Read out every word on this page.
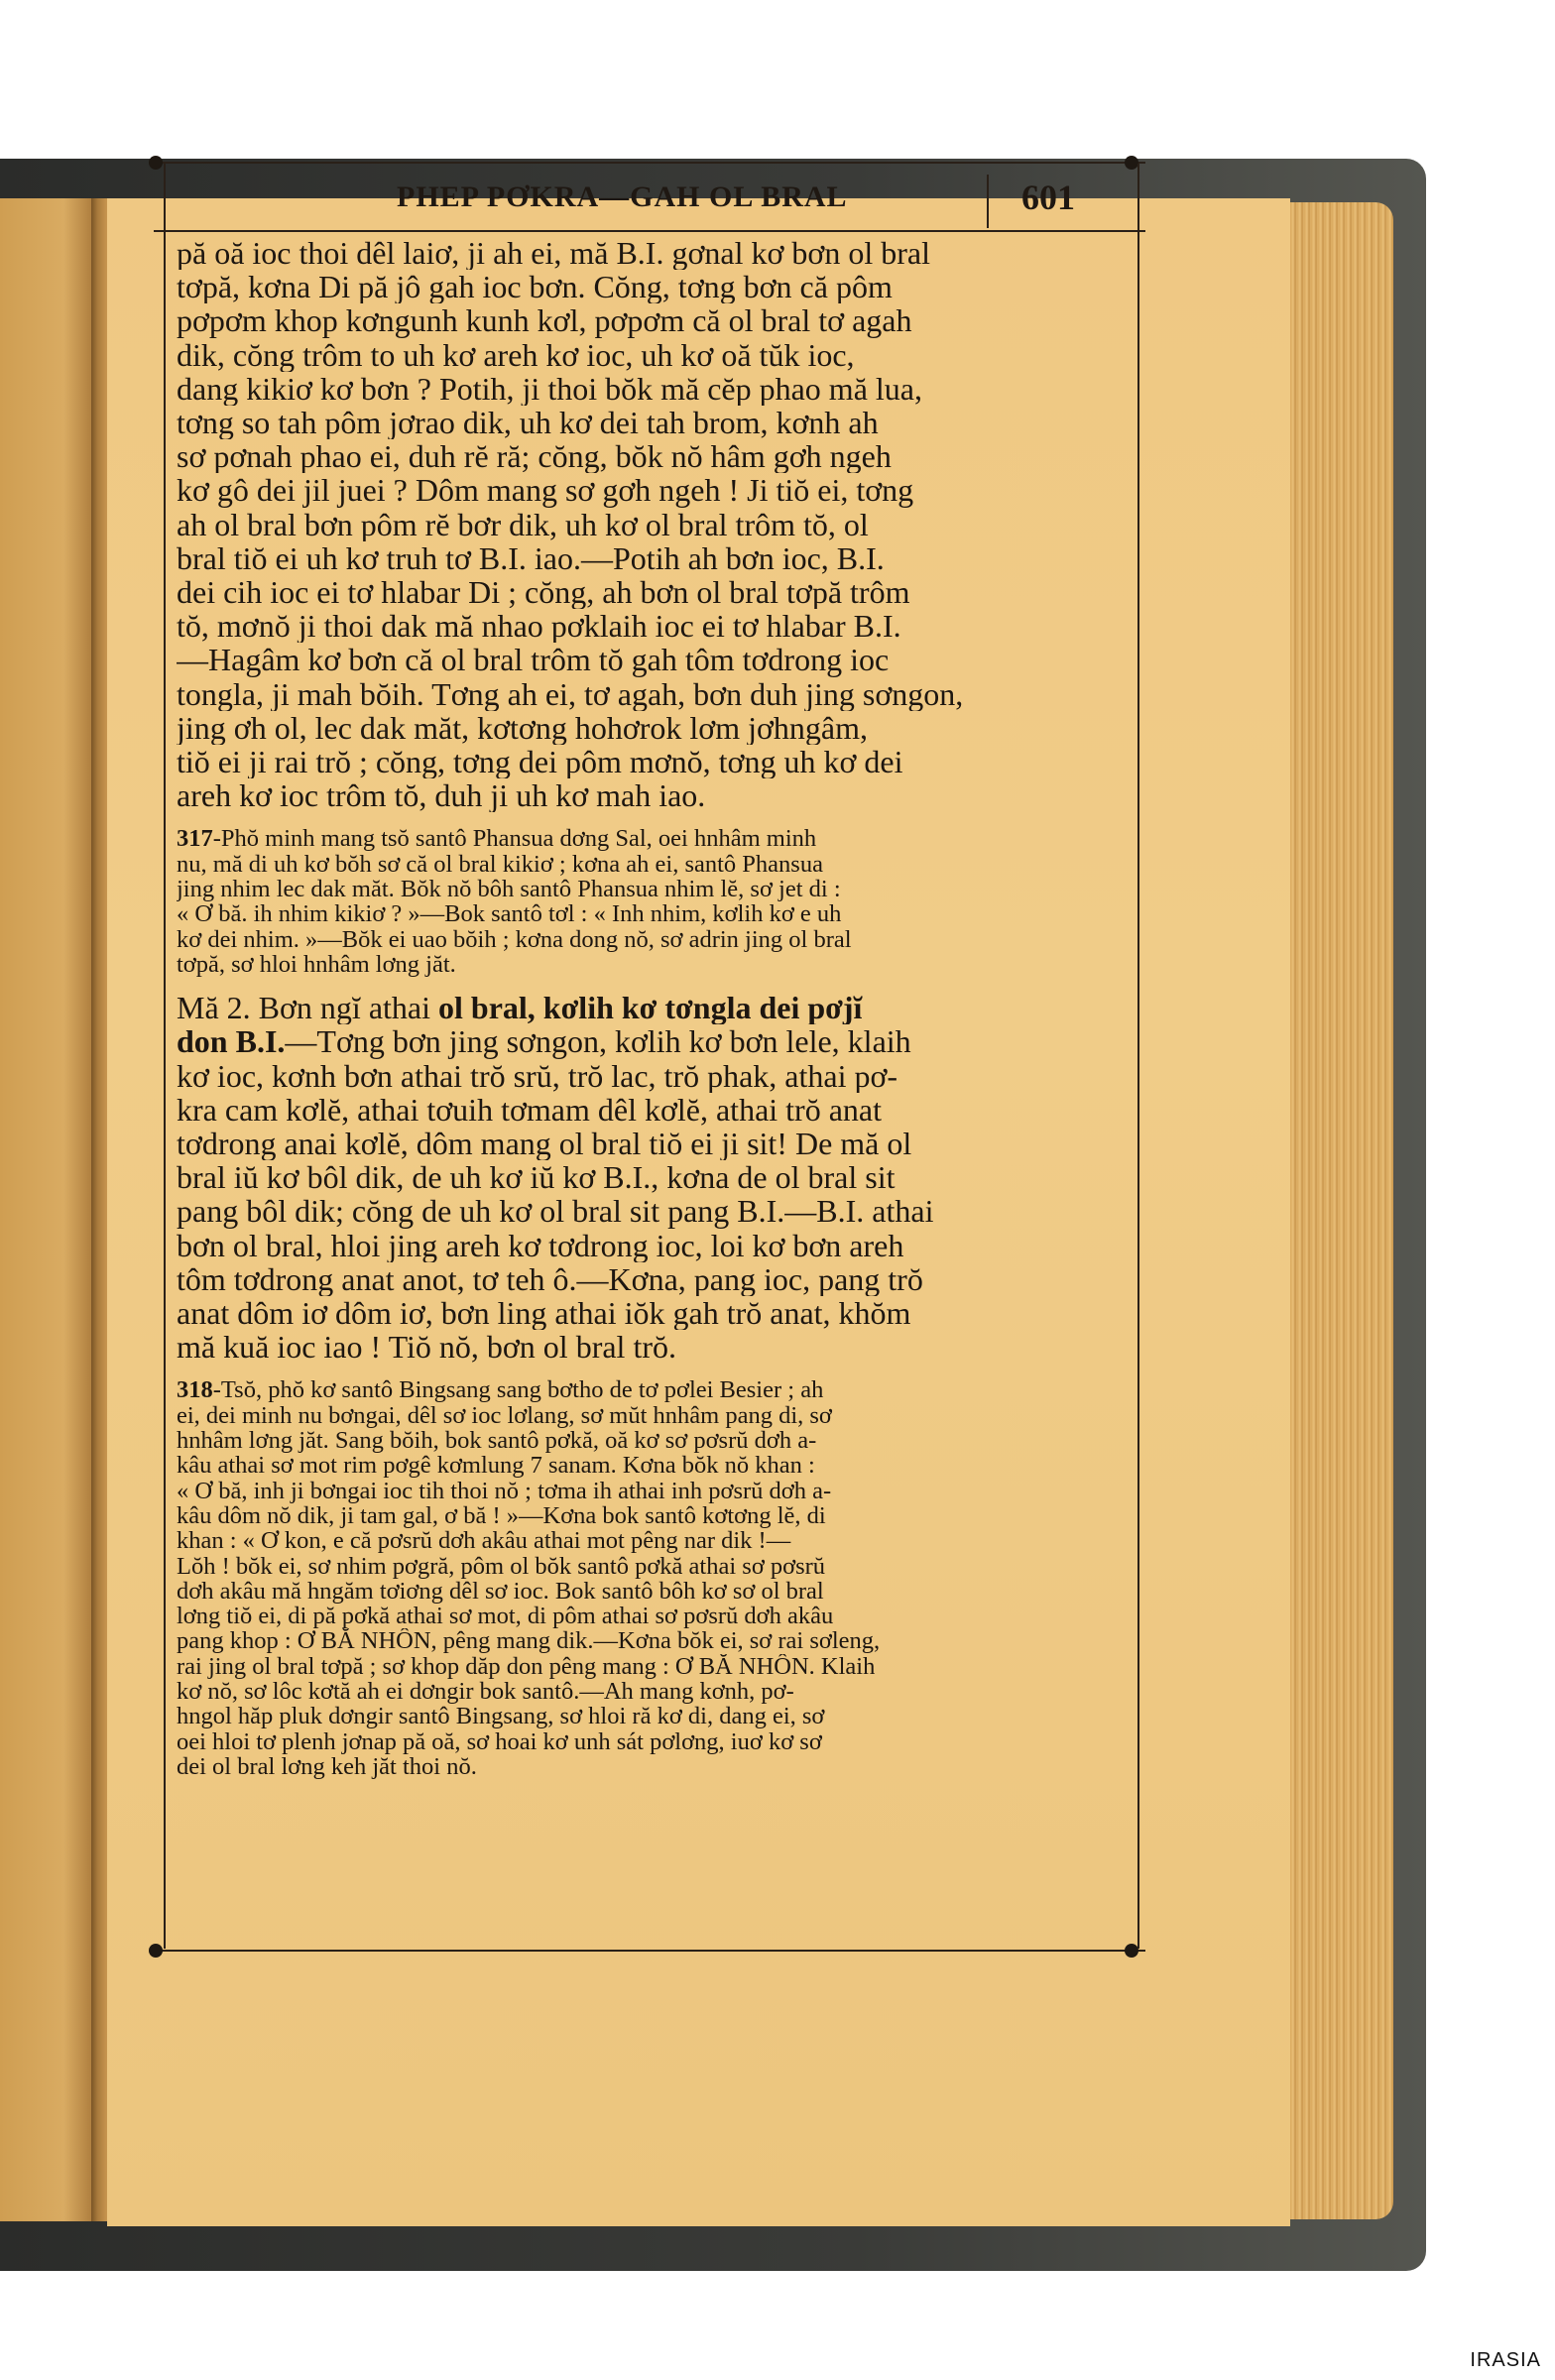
PHEP PƠKRA—GAH OL BRAL	601

pă oă ioc thoi dêl laiơ, ji ah ei, mă B.I. gơnal kơ bơn ol bral

tơpă, kơna Di pă jô gah ioc bơn. Cŏng, tơng bơn că pôm

pơpơm khop kơngunh kunh kơl, pơpơm că ol bral tơ agah

dik, cŏng trôm to uh kơ areh kơ ioc, uh kơ oă tŭk ioc,

dang kikiơ kơ bơn ? Potih, ji thoi bŏk mă cĕp phao mă lua,

tơng so tah pôm jơrao dik, uh kơ dei tah brom, kơnh ah

sơ pơnah phao ei, duh rĕ ră; cŏng, bŏk nŏ hâm gơh ngeh

kơ gô dei jil juei ? Dôm mang sơ gơh ngeh ! Ji tiŏ ei, tơng

ah ol bral bơn pôm rĕ bơr dik, uh kơ ol bral trôm tŏ, ol

bral tiŏ ei uh kơ truh tơ B.I. iao.—Potih ah bơn ioc, B.I.

dei cih ioc ei tơ hlabar Di ; cŏng, ah bơn ol bral tơpă trôm

tŏ, mơnŏ ji thoi dak mă nhao pơklaih ioc ei tơ hlabar B.I.

—Hagâm kơ bơn că ol bral trôm tŏ gah tôm tơdrong ioc

tongla, ji mah bŏih. Tơng ah ei, tơ agah, bơn duh jing sơngon,

jing ơh ol, lec dak măt, kơtơng hohơrok lơm jơhngâm,

tiŏ ei ji rai trŏ ; cŏng, tơng dei pôm mơnŏ, tơng uh kơ dei

areh kơ ioc trôm tŏ, duh ji uh kơ mah iao.

317-Phŏ minh mang tsŏ santô Phansua dơng Sal, oei hnhâm minh

nu, mă di uh kơ bŏh sơ că ol bral kikiơ ; kơna ah ei, santô Phansua

jing nhim lec dak măt. Bŏk nŏ bôh santô Phansua nhim lĕ, sơ jet di :

« Ơ bă. ih nhim kikiơ ? »—Bok santô tơl : « Inh nhim, kơlih kơ e uh

kơ dei nhim. »—Bŏk ei uao bŏih ; kơna dong nŏ, sơ adrin jing ol bral

tơpă, sơ hloi hnhâm lơng jăt.

Mă 2. Bơn ngĭ athai ol bral, kơlih kơ tơngla dei pơjĭ

don B.I.—Tơng bơn jing sơngon, kơlih kơ bơn lele, klaih

kơ ioc, kơnh bơn athai trŏ srŭ, trŏ lac, trŏ phak, athai pơ-

kra cam kơlĕ, athai tơuih tơmam dêl kơlĕ, athai trŏ anat

tơdrong anai kơlĕ, dôm mang ol bral tiŏ ei ji sit! De mă ol

bral iŭ kơ bôl dik, de uh kơ iŭ kơ B.I., kơna de ol bral sit

pang bôl dik; cŏng de uh kơ ol bral sit pang B.I.—B.I. athai

bơn ol bral, hloi jing areh kơ tơdrong ioc, loi kơ bơn areh

tôm tơdrong anat anot, tơ teh ô.—Kơna, pang ioc, pang trŏ

anat dôm iơ dôm iơ, bơn ling athai iŏk gah trŏ anat, khŏm

mă kuă ioc iao ! Tiŏ nŏ, bơn ol bral trŏ.

318-Tsŏ, phŏ kơ santô Bingsang sang bơtho de tơ pơlei Besier ; ah

ei, dei minh nu bơngai, dêl sơ ioc lơlang, sơ mŭt hnhâm pang di, sơ

hnhâm lơng jăt. Sang bŏih, bok santô pơkă, oă kơ sơ pơsrŭ dơh a-

kâu athai sơ mot rim pơgê kơmlung 7 sanam. Kơna bŏk nŏ khan :

« Ơ bă, inh ji bơngai ioc tih thoi nŏ ; tơma ih athai inh pơsrŭ dơh a-

kâu dôm nŏ dik, ji tam gal, ơ bă ! »—Kơna bok santô kơtơng lĕ, di

khan : « Ơ kon, e că pơsrŭ dơh akâu athai mot pêng nar dik !—

Lŏh ! bŏk ei, sơ nhim pơgră, pôm ol bŏk santô pơkă athai sơ pơsrŭ

dơh akâu mă hngăm tơiơng dêl sơ ioc. Bok santô bôh kơ sơ ol bral

lơng tiŏ ei, di pă pơkă athai sơ mot, di pôm athai sơ pơsrŭ dơh akâu

pang khop : Ơ BĂ NHÔN, pêng mang dik.—Kơna bŏk ei, sơ rai sơleng,

rai jing ol bral tơpă ; sơ khop dăp don pêng mang : Ơ BĂ NHÔN. Klaih

kơ nŏ, sơ lôc kơtă ah ei dơngir bok santô.—Ah mang kơnh, pơ-

hngol hăp pluk dơngir santô Bingsang, sơ hloi ră kơ di, dang ei, sơ

oei hloi tơ plenh jơnap pă oă, sơ hoai kơ unh sát pơlơng, iuơ kơ sơ

dei ol bral lơng keh jăt thoi nŏ.

IRASIA
